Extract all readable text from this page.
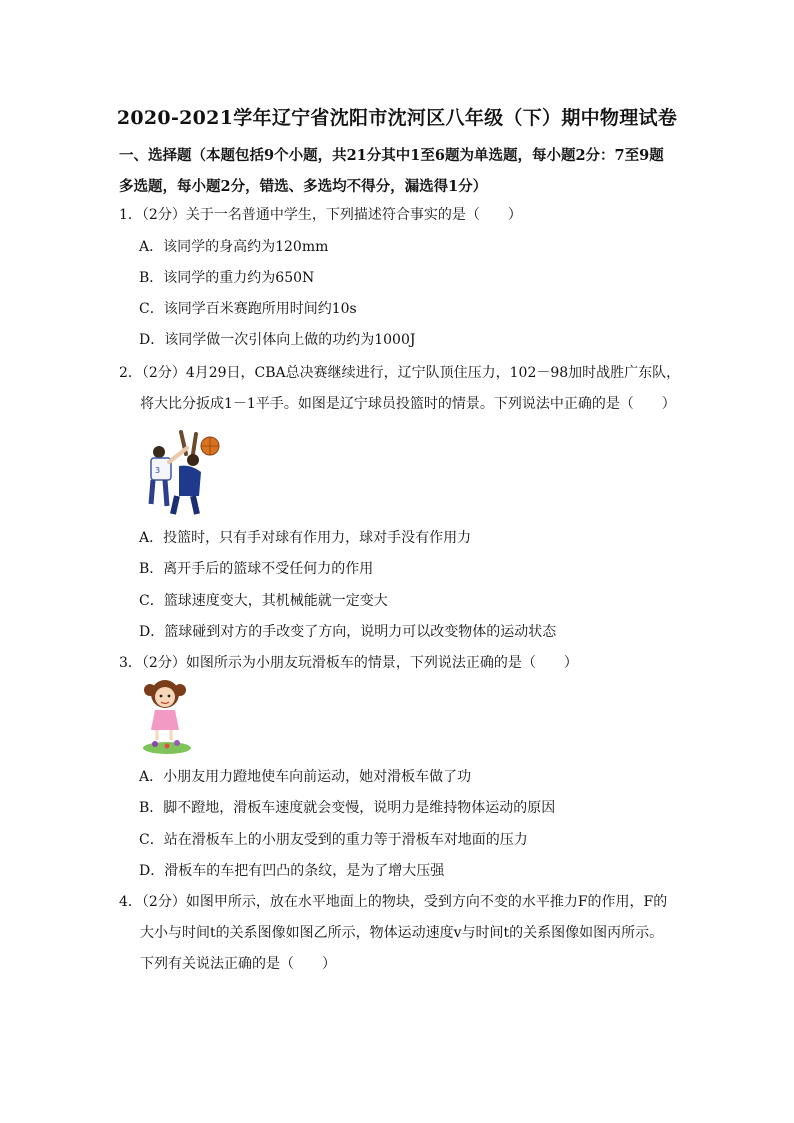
2020-2021学年辽宁省沈阳市沈河区八年级（下）期中物理试卷
一、选择题（本题包括9个小题，共21分其中1至6题为单选题，每小题2分：7至9题
多选题，每小题2分，错选、多选均不得分，漏选得1分）
1．（2分）关于一名普通中学生，下列描述符合事实的是（　　）
A．该同学的身高约为120mm
B．该同学的重力约为650N
C．该同学百米赛跑所用时间约10s
D．该同学做一次引体向上做的功约为1000J
2．（2分）4月29日，CBA总决赛继续进行，辽宁队顶住压力，102－98加时战胜广东队，
将大比分扳成1－1平手。如图是辽宁球员投篮时的情景。下列说法中正确的是（　　）
3
A．投篮时，只有手对球有作用力，球对手没有作用力
B．离开手后的篮球不受任何力的作用
C．篮球速度变大，其机械能就一定变大
D．篮球碰到对方的手改变了方向，说明力可以改变物体的运动状态
3．（2分）如图所示为小朋友玩滑板车的情景，下列说法正确的是（　　）
A．小朋友用力蹬地使车向前运动，她对滑板车做了功
B．脚不蹬地，滑板车速度就会变慢，说明力是维持物体运动的原因
C．站在滑板车上的小朋友受到的重力等于滑板车对地面的压力
D．滑板车的车把有凹凸的条纹，是为了增大压强
4．（2分）如图甲所示，放在水平地面上的物块，受到方向不变的水平推力F的作用，F的
大小与时间t的关系图像如图乙所示，物体运动速度v与时间t的关系图像如图丙所示。
下列有关说法正确的是（　　）
